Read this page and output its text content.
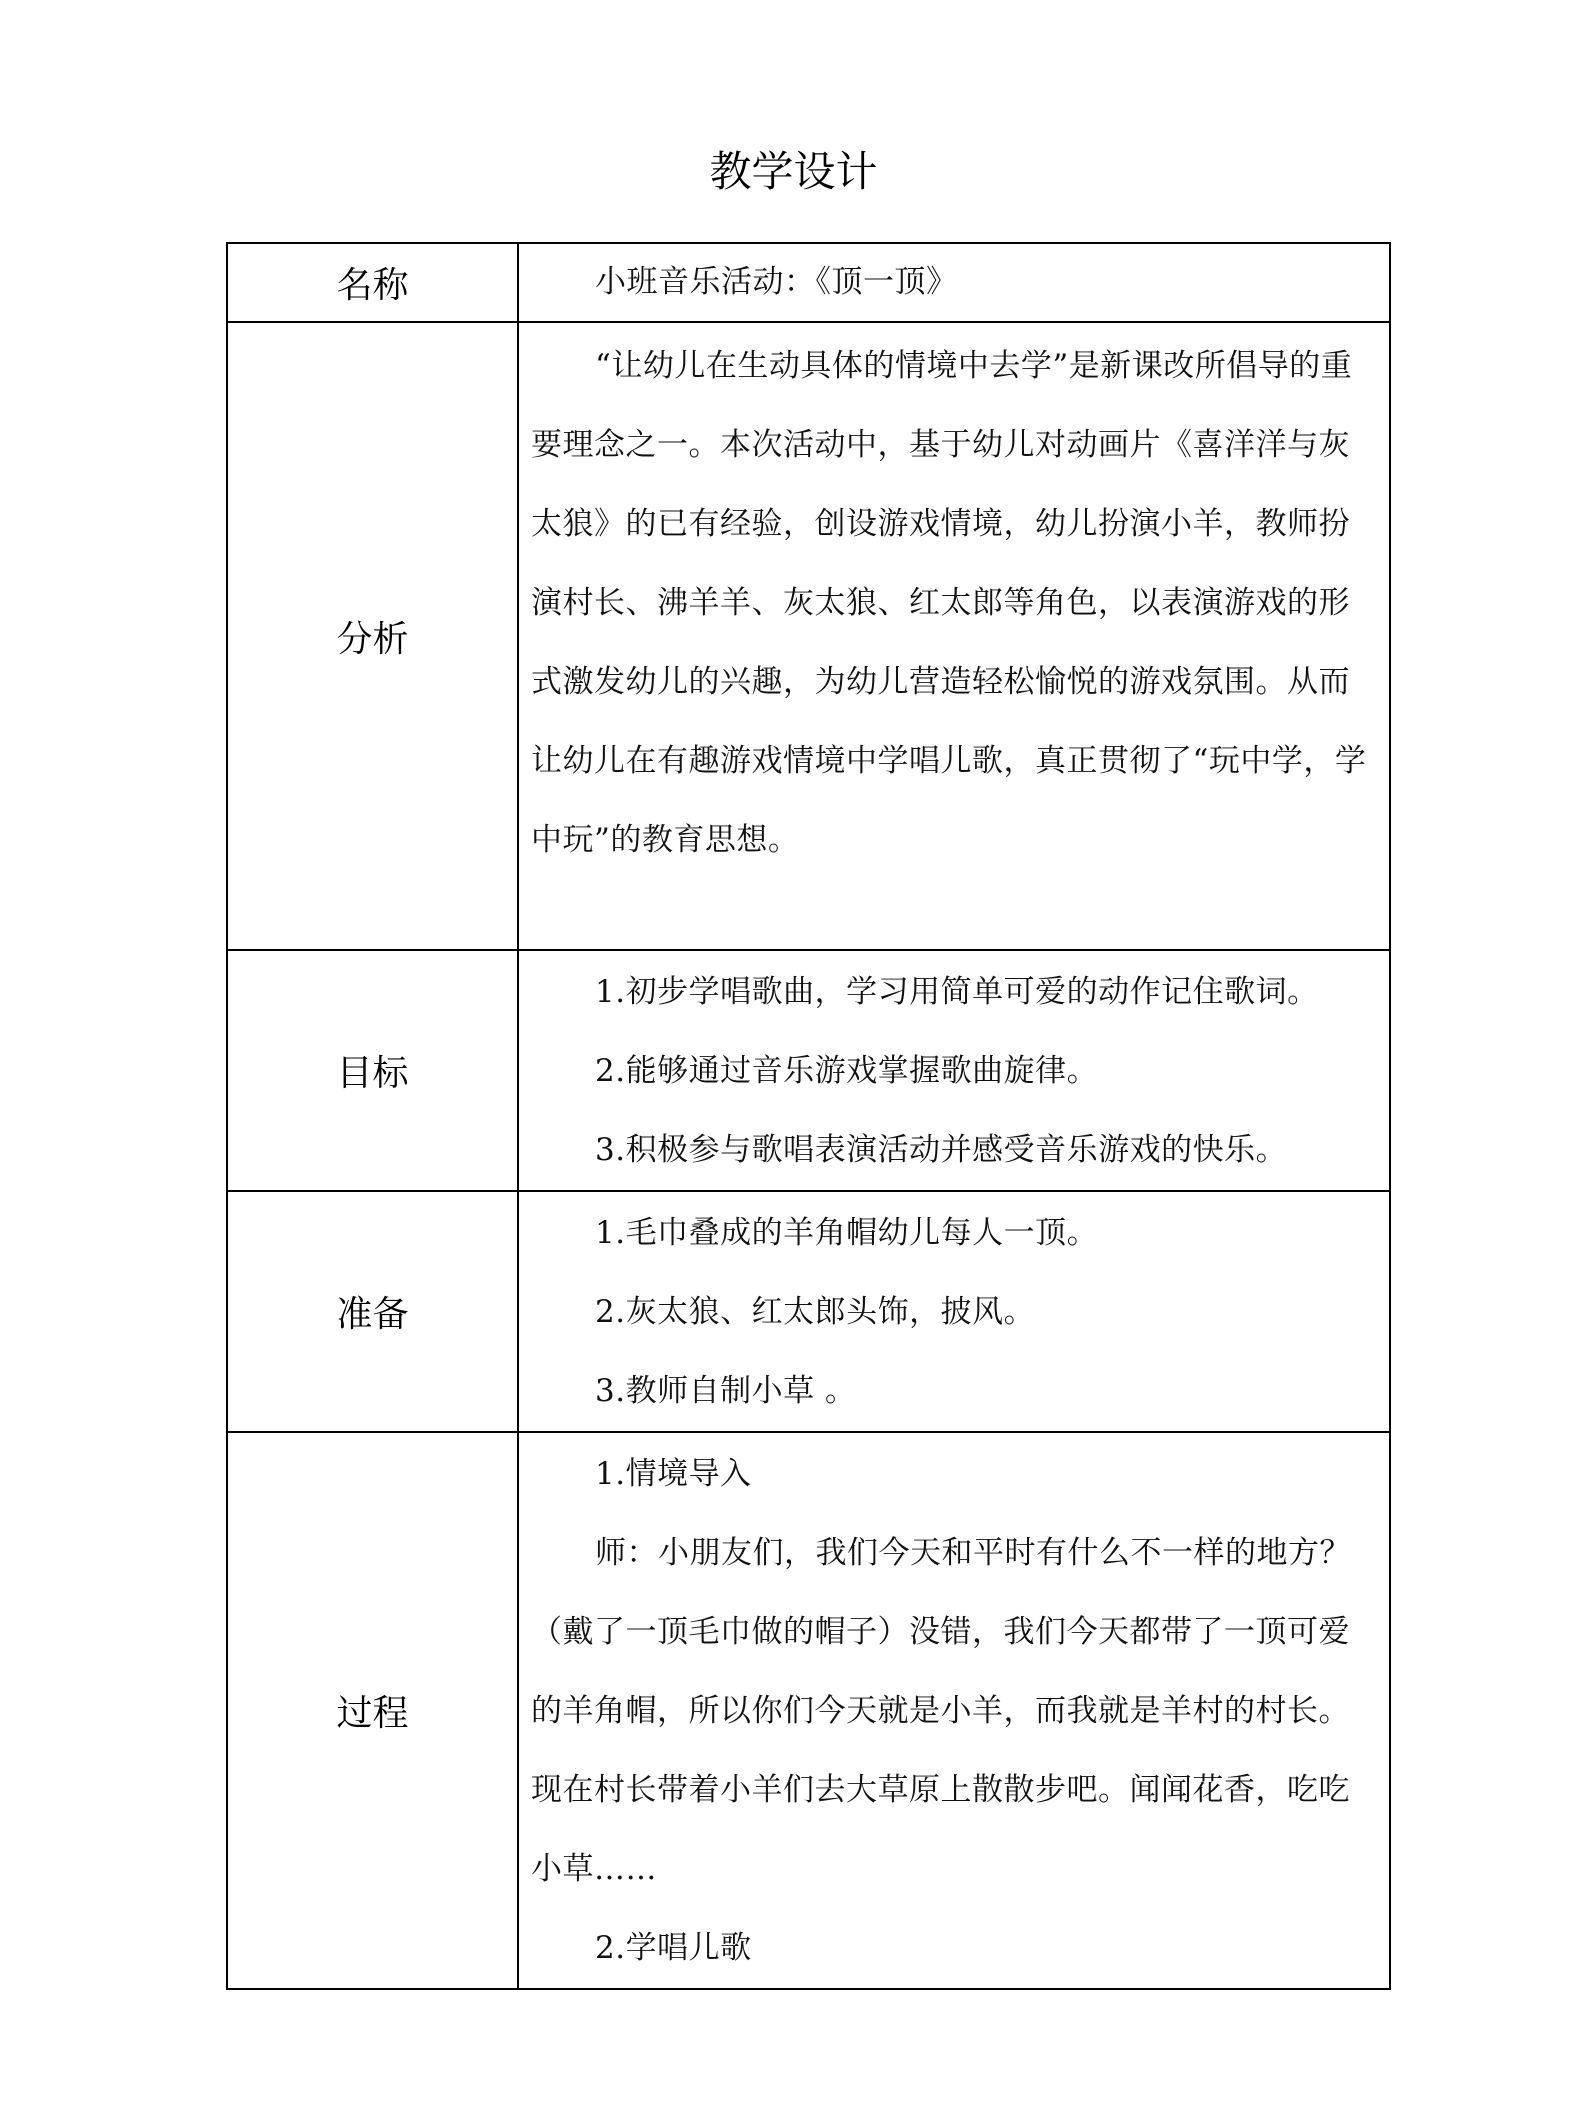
教学设计
名称	小班音乐活动：《顶一顶》

分析	“让幼儿在生动具体的情境中去学”是新课改所倡导的重要理念之一。本次活动中，基于幼儿对动画片《喜洋洋与灰太狼》的已有经验，创设游戏情境，幼儿扮演小羊，教师扮演村长、沸羊羊、灰太狼、红太郎等角色，以表演游戏的形式激发幼儿的兴趣，为幼儿营造轻松愉悦的游戏氛围。从而让幼儿在有趣游戏情境中学唱儿歌，真正贯彻了“玩中学，学中玩”的教育思想。

目标	1.初步学唱歌曲，学习用简单可爱的动作记住歌词。

2.能够通过音乐游戏掌握歌曲旋律。

3.积极参与歌唱表演活动并感受音乐游戏的快乐。

准备	1.毛巾叠成的羊角帽幼儿每人一顶。

2.灰太狼、红太郎头饰，披风。

3.教师自制小草 。

过程	1.情境导入

师：小朋友们，我们今天和平时有什么不一样的地方？（戴了一顶毛巾做的帽子）没错，我们今天都带了一顶可爱的羊角帽，所以你们今天就是小羊，而我就是羊村的村长。现在村长带着小羊们去大草原上散散步吧。闻闻花香，吃吃小草……

2.学唱儿歌
